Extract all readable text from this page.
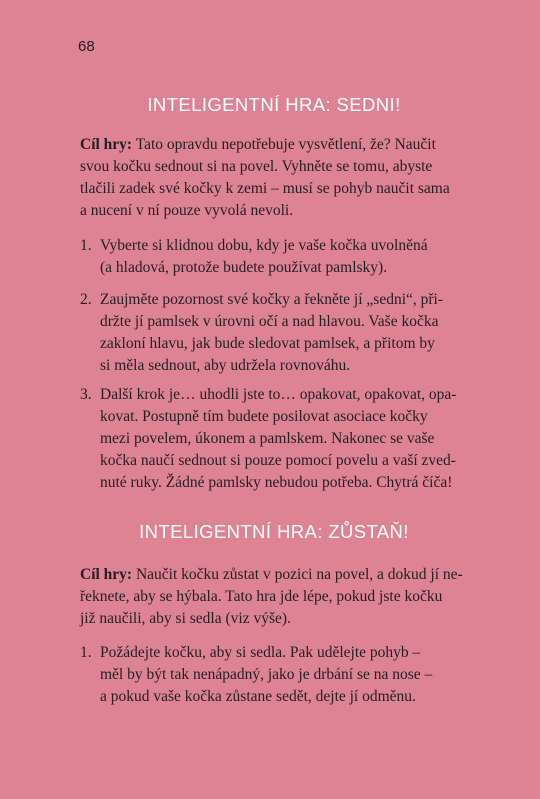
68
INTELIGENTNÍ HRA: SEDNI!

Cíl hry: Tato opravdu nepotřebuje vysvětlení, že? Naučit
svou kočku sednout si na povel. Vyhněte se tomu, abyste
tlačili zadek své kočky k zemi – musí se pohyb naučit sama
a nucení v ní pouze vyvolá nevoli.

1. Vyberte si klidnou dobu, kdy je vaše kočka uvolněná
(a hladová, protože budete používat pamlsky).
2. Zaujměte pozornost své kočky a řekněte jí „sedni“, při-
držte jí pamlsek v úrovni očí a nad hlavou. Vaše kočka
zakloní hlavu, jak bude sledovat pamlsek, a přitom by
si měla sednout, aby udržela rovnováhu.
3. Další krok je… uhodli jste to… opakovat, opakovat, opa-
kovat. Postupně tím budete posilovat asociace kočky
mezi povelem, úkonem a pamlskem. Nakonec se vaše
kočka naučí sednout si pouze pomocí povelu a vaší zved-
nuté ruky. Žádné pamlsky nebudou potřeba. Chytrá číča!
INTELIGENTNÍ HRA: ZŮSTAŇ!

Cíl hry: Naučit kočku zůstat v pozici na povel, a dokud jí ne-
řeknete, aby se hýbala. Tato hra jde lépe, pokud jste kočku
již naučili, aby si sedla (viz výše).

1. Požádejte kočku, aby si sedla. Pak udělejte pohyb –
měl by být tak nenápadný, jako je drbání se na nose –
a pokud vaše kočka zůstane sedět, dejte jí odměnu.
